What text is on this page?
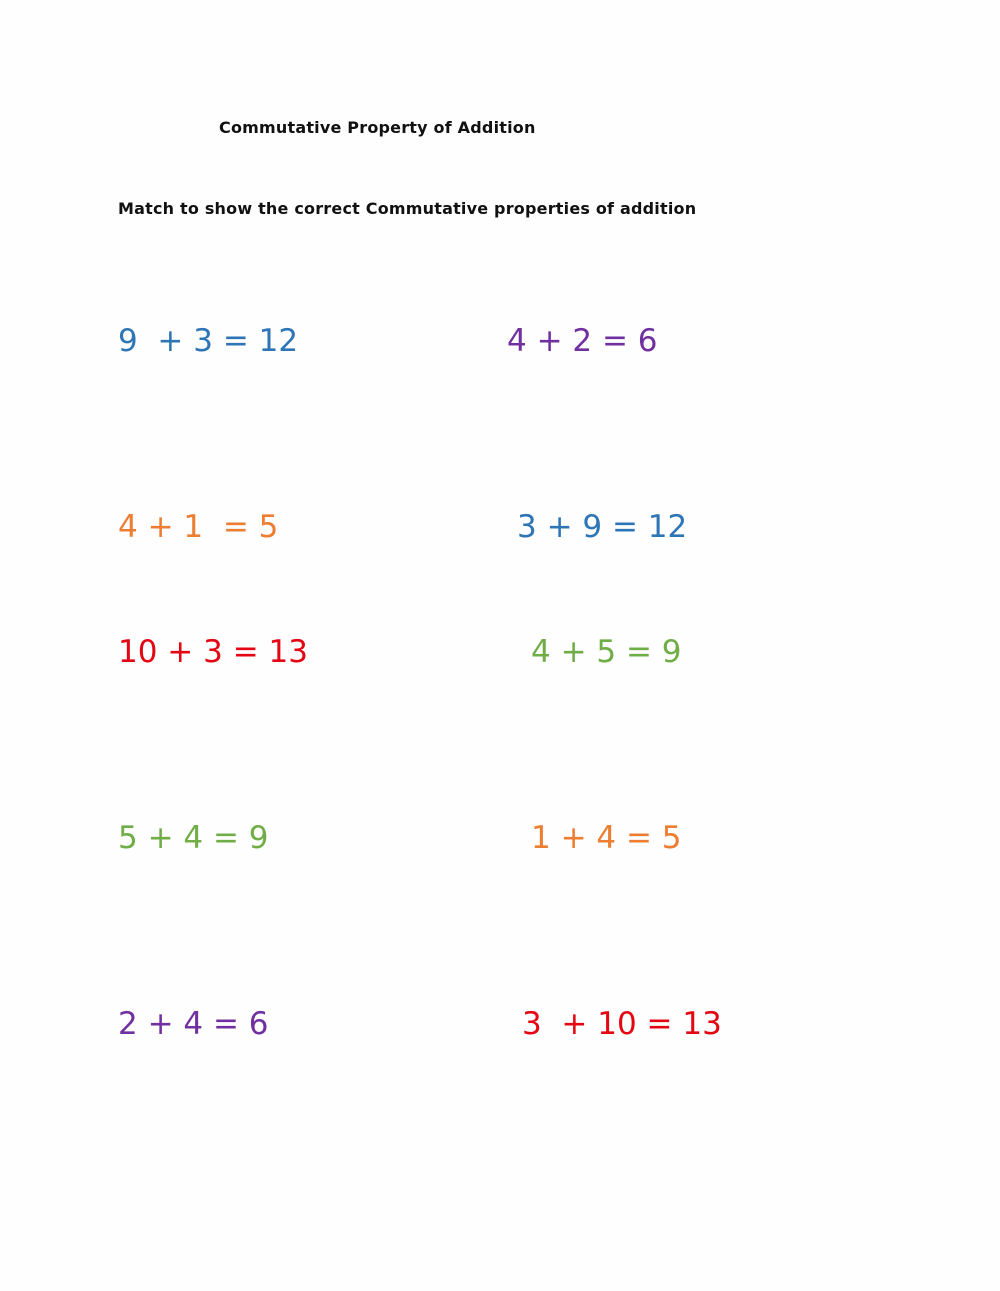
Commutative Property of Addition
Match to show the correct Commutative properties of addition
9  + 3 = 12
4 + 1  = 5
10 + 3 = 13
5 + 4 = 9
2 + 4 = 6
4 + 2 = 6
3 + 9 = 12
4 + 5 = 9
1 + 4 = 5
3  + 10 = 13
